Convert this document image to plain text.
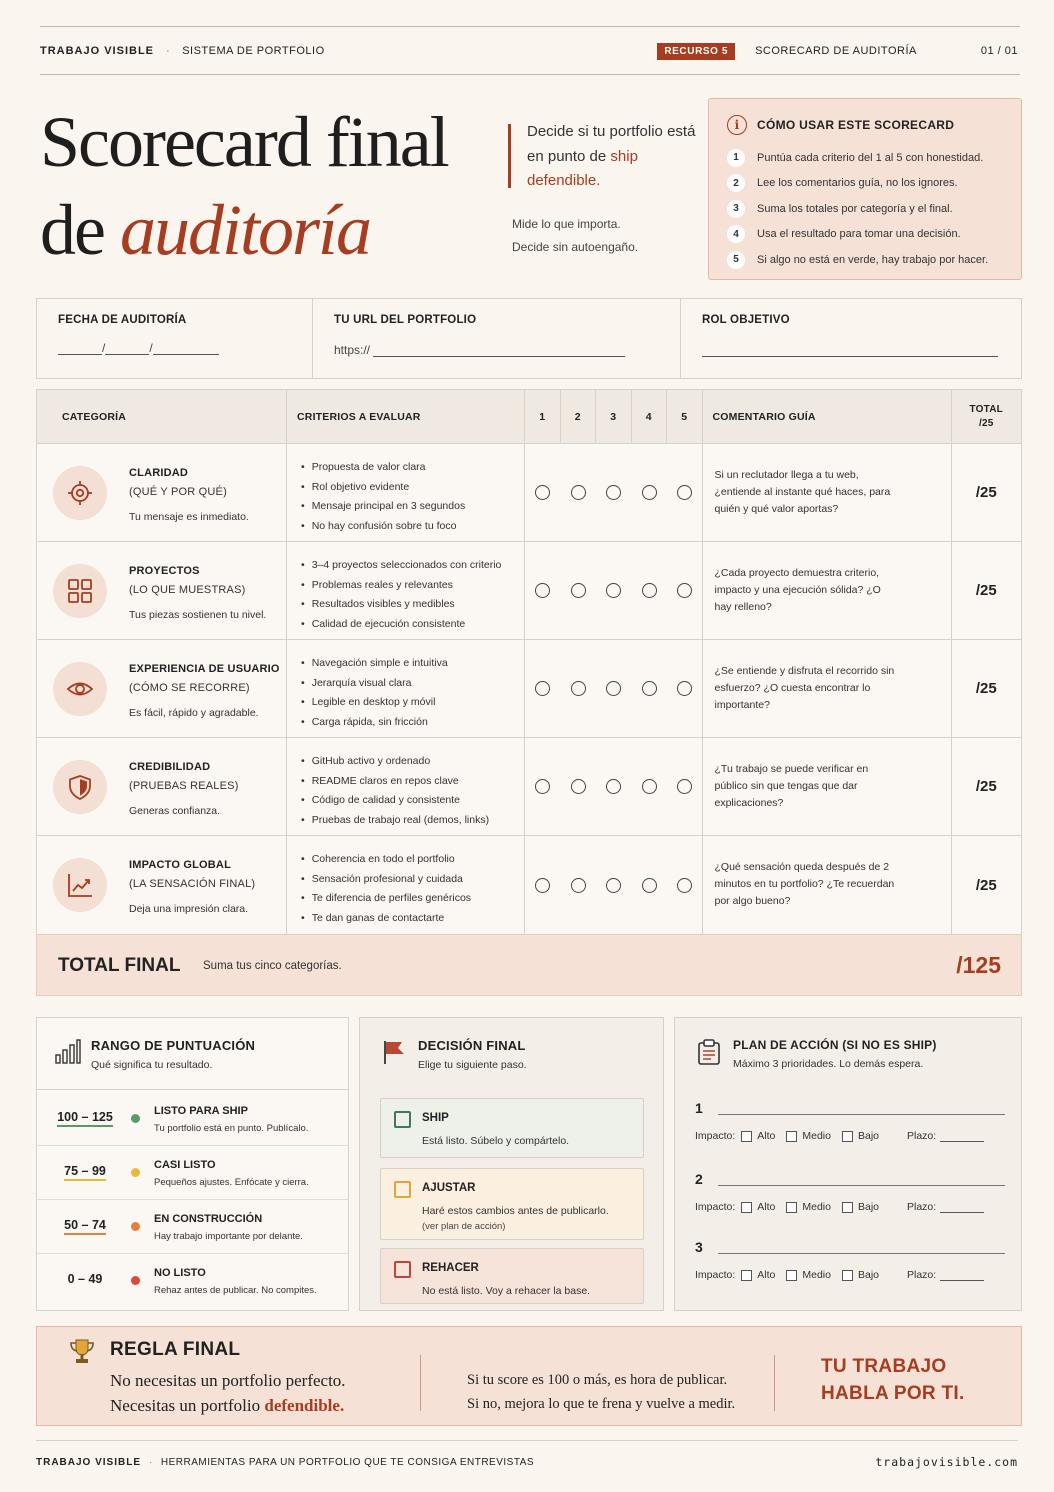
TRABAJO VISIBLE · SISTEMA DE PORTFOLIO	RECURSO 5	SCORECARD DE AUDITORÍA	01 / 01
Scorecard final
de auditoría
Decide si tu portfolio está en punto de ship defendible.
Mide lo que importa.
Decide sin autoengaño.
i	CÓMO USAR ESTE SCORECARD
1	Puntúa cada criterio del 1 al 5 con honestidad.
2	Lee los comentarios guía, no los ignores.
3	Suma los totales por categoría y el final.
4	Usa el resultado para tomar una decisión.
5	Si algo no está en verde, hay trabajo por hacer.
FECHA DE AUDITORÍA
/	/
TU URL DEL PORTFOLIO
https://
ROL OBJETIVO
CATEGORÍA	CRITERIOS A EVALUAR	1	2	3	4	5	COMENTARIO GUÍA
TOTAL
/25
CLARIDAD
(QUÉ Y POR QUÉ)
Tu mensaje es inmediato.
• Propuesta de valor clara
• Rol objetivo evidente
• Mensaje principal en 3 segundos
• No hay confusión sobre tu foco
Si un reclutador llega a tu web, ¿entiende al instante qué haces, para quién y qué valor aportas?
/25
PROYECTOS
(LO QUE MUESTRAS)
Tus piezas sostienen tu nivel.
• 3–4 proyectos seleccionados con criterio
• Problemas reales y relevantes
• Resultados visibles y medibles
• Calidad de ejecución consistente
¿Cada proyecto demuestra criterio, impacto y una ejecución sólida? ¿O hay relleno?
/25
EXPERIENCIA DE USUARIO
(CÓMO SE RECORRE)
Es fácil, rápido y agradable.
• Navegación simple e intuitiva
• Jerarquía visual clara
• Legible en desktop y móvil
• Carga rápida, sin fricción
¿Se entiende y disfruta el recorrido sin esfuerzo? ¿O cuesta encontrar lo importante?
/25
CREDIBILIDAD
(PRUEBAS REALES)
Generas confianza.
• GitHub activo y ordenado
• README claros en repos clave
• Código de calidad y consistente
• Pruebas de trabajo real (demos, links)
¿Tu trabajo se puede verificar en público sin que tengas que dar explicaciones?
/25
IMPACTO GLOBAL
(LA SENSACIÓN FINAL)
Deja una impresión clara.
• Coherencia en todo el portfolio
• Sensación profesional y cuidada
• Te diferencia de perfiles genéricos
• Te dan ganas de contactarte
¿Qué sensación queda después de 2 minutos en tu portfolio? ¿Te recuerdan por algo bueno?
/25
TOTAL FINAL Suma tus cinco categorías.	/125
RANGO DE PUNTUACIÓN
Qué significa tu resultado.
100 – 125	LISTO PARA SHIP
Tu portfolio está en punto. Publícalo.
75 – 99	CASI LISTO
Pequeños ajustes. Enfócate y cierra.
50 – 74	EN CONSTRUCCIÓN
Hay trabajo importante por delante.
0 – 49	NO LISTO
Rehaz antes de publicar. No compites.
DECISIÓN FINAL
Elige tu siguiente paso.
SHIP
Está listo. Súbelo y compártelo.
AJUSTAR
Haré estos cambios antes de publicarlo.
(ver plan de acción)
REHACER
No está listo. Voy a rehacer la base.
PLAN DE ACCIÓN (SI NO ES SHIP)
Máximo 3 prioridades. Lo demás espera.
1
Impacto: Alto	Medio	Bajo	Plazo:
2
Impacto: Alto	Medio	Bajo	Plazo:
3
Impacto: Alto	Medio	Bajo	Plazo:
REGLA FINAL
No necesitas un portfolio perfecto.
Necesitas un portfolio defendible.
Si tu score es 100 o más, es hora de publicar.
Si no, mejora lo que te frena y vuelve a medir.
TU TRABAJO
HABLA POR TI.
TRABAJO VISIBLE · HERRAMIENTAS PARA UN PORTFOLIO QUE TE CONSIGA ENTREVISTAS	trabajovisible.com
